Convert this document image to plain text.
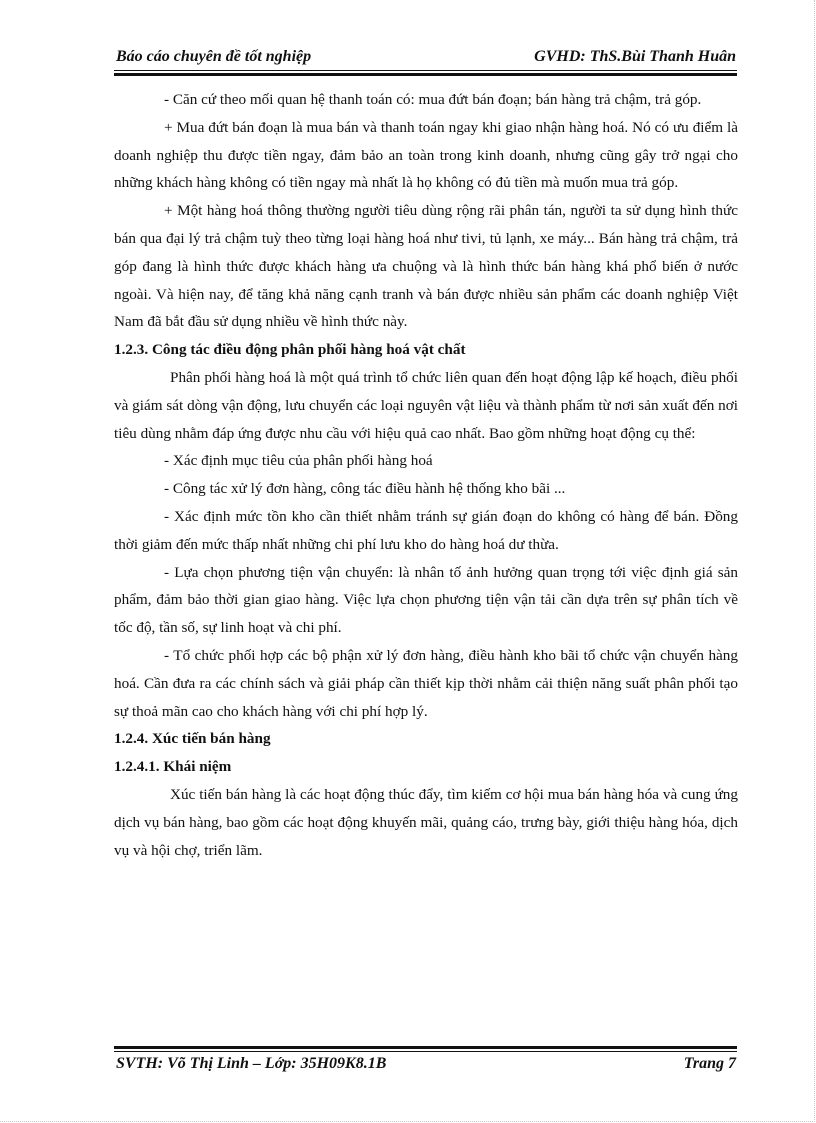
Báo cáo chuyên đề tốt nghiệp	GVHD: ThS.Bùi Thanh Huân

- Căn cứ theo mối quan hệ thanh toán có: mua đứt bán đoạn; bán hàng trả chậm, trả góp.

+ Mua đứt bán đoạn là mua bán và thanh toán ngay khi giao nhận hàng hoá. Nó có ưu điểm là doanh nghiệp thu được tiền ngay, đảm bảo an toàn trong kinh doanh, nhưng cũng gây trở ngại cho những khách hàng không có tiền ngay mà nhất là họ không có đủ tiền mà muốn mua trả góp.

+ Một hàng hoá thông thường người tiêu dùng rộng rãi phân tán, người ta sử dụng hình thức bán qua đại lý trả chậm tuỳ theo từng loại hàng hoá như tivi, tủ lạnh, xe máy... Bán hàng trả chậm, trả góp đang là hình thức được khách hàng ưa chuộng và là hình thức bán hàng khá phổ biến ở nước ngoài. Và hiện nay, để tăng khả năng cạnh tranh và bán được nhiều sản phẩm các doanh nghiệp Việt Nam đã bắt đầu sử dụng nhiều về hình thức này.

1.2.3. Công tác điều động phân phối hàng hoá vật chất

Phân phối hàng hoá là một quá trình tổ chức liên quan đến hoạt động lập kế hoạch, điều phối và giám sát dòng vận động, lưu chuyển các loại nguyên vật liệu và thành phẩm từ nơi sản xuất đến nơi tiêu dùng nhằm đáp ứng được nhu cầu với hiệu quả cao nhất. Bao gồm những hoạt động cụ thể:

- Xác định mục tiêu của phân phối hàng hoá

- Công tác xử lý đơn hàng, công tác điều hành hệ thống kho bãi ...

- Xác định mức tồn kho cần thiết nhằm tránh sự gián đoạn do không có hàng để bán. Đồng thời giảm đến mức thấp nhất những chi phí lưu kho do hàng hoá dư thừa.

- Lựa chọn phương tiện vận chuyển: là nhân tố ảnh hưởng quan trọng tới việc định giá sản phẩm, đảm bảo thời gian giao hàng. Việc lựa chọn phương tiện vận tải cần dựa trên sự phân tích về tốc độ, tần số, sự linh hoạt và chi phí.

- Tổ chức phối hợp các bộ phận xử lý đơn hàng, điều hành kho bãi tổ chức vận chuyển hàng hoá. Cần đưa ra các chính sách và giải pháp cần thiết kịp thời nhằm cải thiện năng suất phân phối tạo sự thoả mãn cao cho khách hàng với chi phí hợp lý.

1.2.4. Xúc tiến bán hàng

1.2.4.1. Khái niệm

Xúc tiến bán hàng là các hoạt động thúc đẩy, tìm kiếm cơ hội mua bán hàng hóa và cung ứng dịch vụ bán hàng, bao gồm các hoạt động khuyến mãi, quảng cáo, trưng bày, giới thiệu hàng hóa, dịch vụ và hội chợ, triển lãm.

SVTH: Võ Thị Linh – Lớp: 35H09K8.1B	Trang 7
